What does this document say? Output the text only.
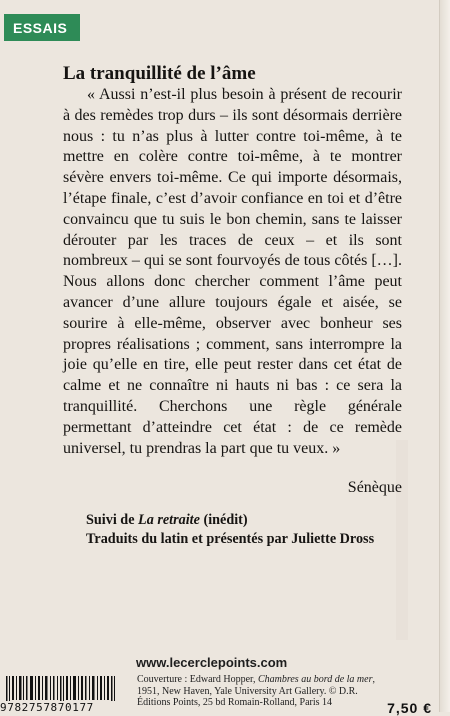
ESSAIS
La tranquillité de l’âme

« Aussi n’est-il plus besoin à présent de recourir à des remèdes trop durs – ils sont désormais derrière nous : tu n’as plus à lutter contre toi-même, à te mettre en colère contre toi-même, à te montrer sévère envers toi-même. Ce qui importe désormais, l’étape finale, c’est d’avoir confiance en toi et d’être convaincu que tu suis le bon chemin, sans te laisser dérouter par les traces de ceux – et ils sont nombreux – qui se sont fourvoyés de tous côtés […]. Nous allons donc chercher comment l’âme peut avancer d’une allure toujours égale et aisée, se sourire à elle-même, observer avec bonheur ses propres réalisations ; comment, sans interrompre la joie qu’elle en tire, elle peut rester dans cet état de calme et ne connaître ni hauts ni bas : ce sera la tranquillité. Cherchons une règle générale permettant d’atteindre cet état : de ce remède universel, tu prendras la part que tu veux. »

Sénèque

Suivi de La retraite (inédit)

Traduits du latin et présentés par Juliette Dross

www.lecerclepoints.com

9782757870177

Couverture : Edward Hopper, Chambres au bord de la mer,
1951, New Haven, Yale University Art Gallery. © D.R.
Éditions Points, 25 bd Romain-Rolland, Paris 14	7,50 €
